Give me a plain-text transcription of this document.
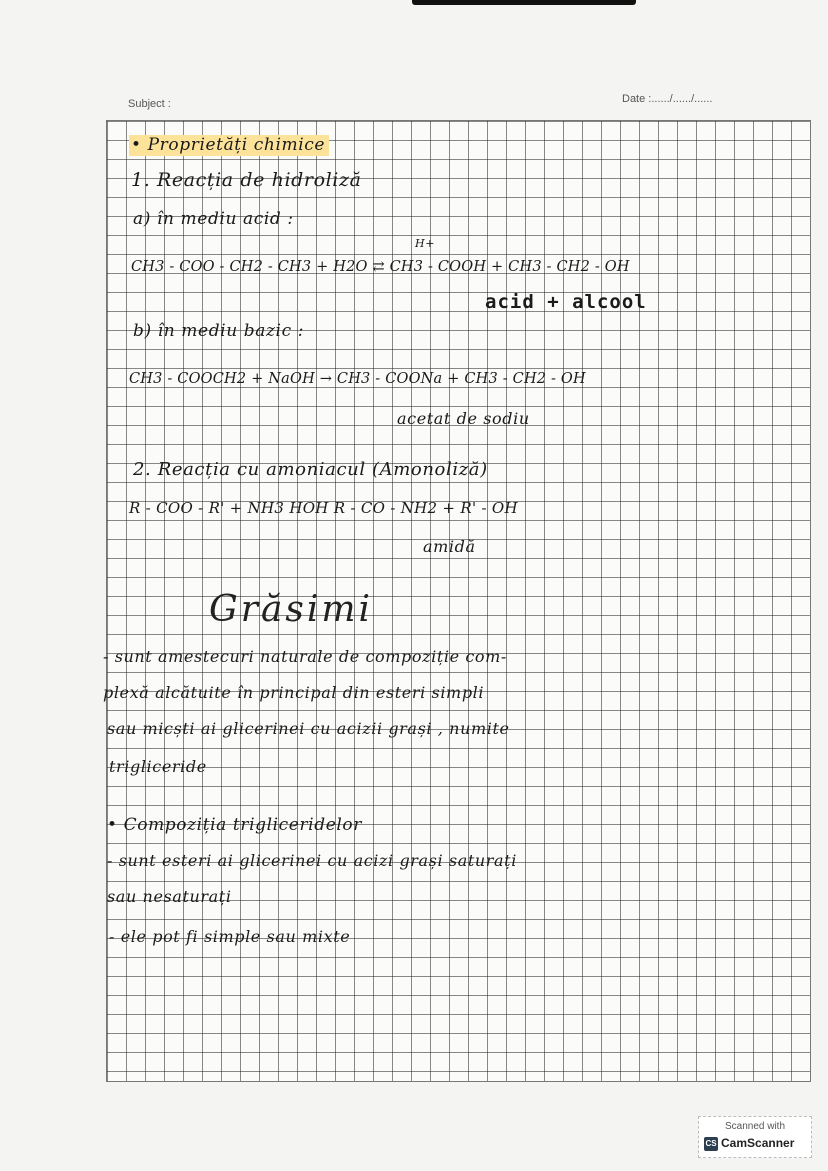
Subject :	Date :....../....../......
• Proprietăți chimice
1. Reacția de hidroliză
a) în mediu acid :
H+
CH3 - COO - CH2 - CH3 + H2O ⇄ CH3 - COOH + CH3 - CH2 - OH
acid + alcool
b) în mediu bazic :
CH3 - COOCH2 + NaOH → CH3 - COONa + CH3 - CH2 - OH
acetat de sodiu
2. Reacția cu amoniacul (Amonoliză)
R - COO - R' + NH3 HOH R - CO - NH2 + R' - OH
amidă
Grăsimi
- sunt amestecuri naturale de compoziție com-
plexă alcătuite în principal din esteri simpli
sau micști ai glicerinei cu acizii grași , numite
trigliceride
• Compoziția trigliceridelor
- sunt esteri ai glicerinei cu acizi grași saturați
sau nesaturați
- ele pot fi simple sau mixte
Scanned with
CS CamScanner
